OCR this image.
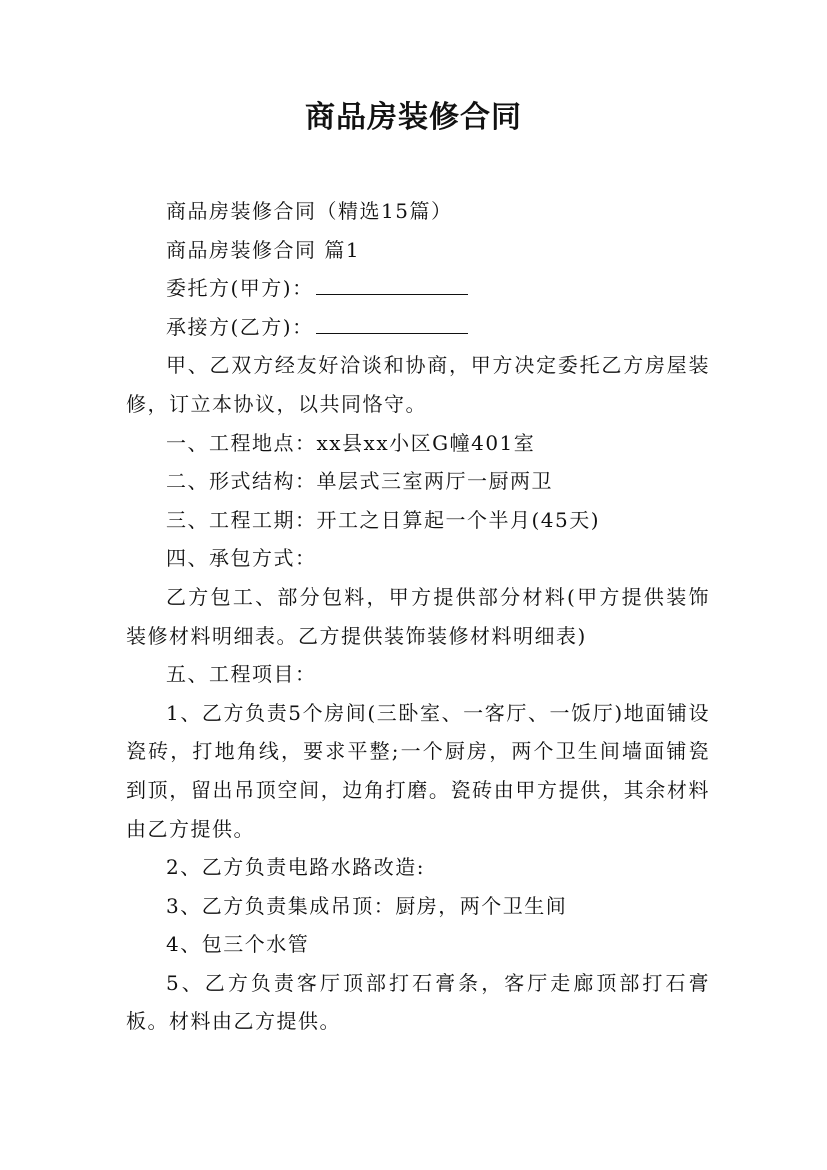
商品房装修合同

商品房装修合同（精选15篇）

商品房装修合同 篇1

委托方(甲方)：

承接方(乙方)：

甲、乙双方经友好洽谈和协商，甲方决定委托乙方房屋装修，订立本协议，以共同恪守。

一、工程地点：xx县xx小区G幢401室

二、形式结构：单层式三室两厅一厨两卫

三、工程工期：开工之日算起一个半月(45天)

四、承包方式：

乙方包工、部分包料，甲方提供部分材料(甲方提供装饰装修材料明细表。乙方提供装饰装修材料明细表)

五、工程项目：

1、乙方负责5个房间(三卧室、一客厅、一饭厅)地面铺设瓷砖，打地角线，要求平整;一个厨房，两个卫生间墙面铺瓷到顶，留出吊顶空间，边角打磨。瓷砖由甲方提供，其余材料由乙方提供。

2、乙方负责电路水路改造:

3、乙方负责集成吊顶：厨房，两个卫生间

4、包三个水管

5、乙方负责客厅顶部打石膏条，客厅走廊顶部打石膏板。材料由乙方提供。
